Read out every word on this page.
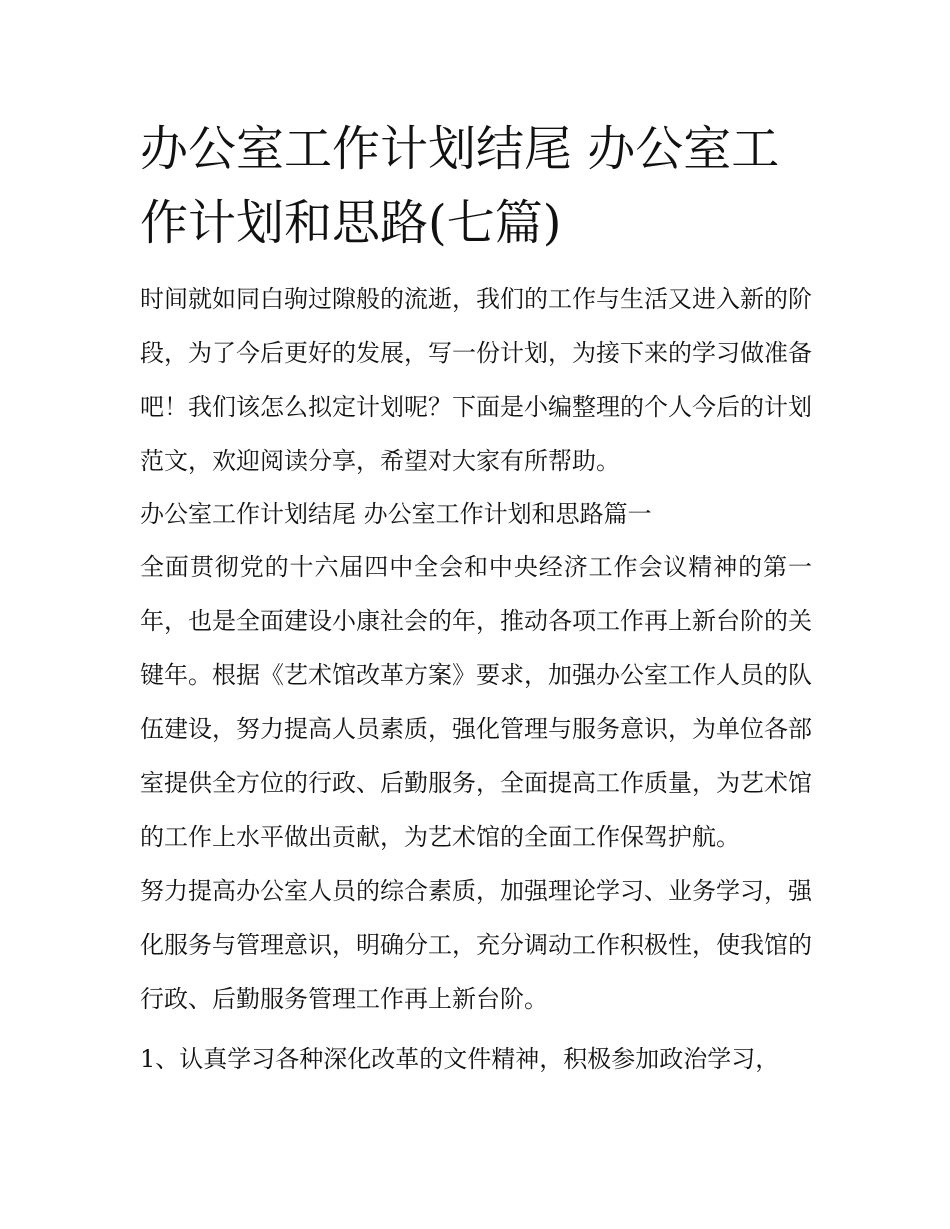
办公室工作计划结尾 办公室工作计划和思路(七篇)

时间就如同白驹过隙般的流逝，我们的工作与生活又进入新的阶段，为了今后更好的发展，写一份计划，为接下来的学习做准备吧！我们该怎么拟定计划呢？下面是小编整理的个人今后的计划范文，欢迎阅读分享，希望对大家有所帮助。

办公室工作计划结尾 办公室工作计划和思路篇一

全面贯彻党的十六届四中全会和中央经济工作会议精神的第一年，也是全面建设小康社会的年，推动各项工作再上新台阶的关键年。根据《艺术馆改革方案》要求，加强办公室工作人员的队伍建设，努力提高人员素质，强化管理与服务意识，为单位各部室提供全方位的行政、后勤服务，全面提高工作质量，为艺术馆的工作上水平做出贡献，为艺术馆的全面工作保驾护航。

努力提高办公室人员的综合素质，加强理论学习、业务学习，强化服务与管理意识，明确分工，充分调动工作积极性，使我馆的行政、后勤服务管理工作再上新台阶。

1、认真学习各种深化改革的文件精神，积极参加政治学习，
